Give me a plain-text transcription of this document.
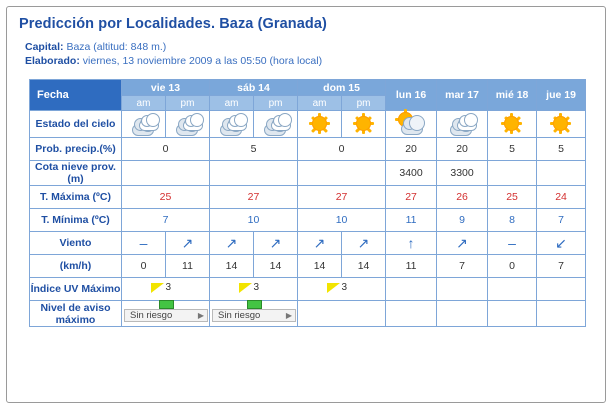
Predicción por Localidades. Baza (Granada)
Capital: Baza (altitud: 848 m.)
Elaborado: viernes, 13 noviembre 2009 a las 05:50 (hora local)
Fecha	vie 13		sáb 14		dom 15		lun 16	mar 17	mié 18	jue 19
	am	pm	am	pm	am	pm				
Estado del cielo	

Prob. precip.(%)	0		5		0		20	20	5	5
Cota nieve prov.(m)							3400	3300		
T. Máxima (ºC)	25		27		27		27	26	25	24
T. Mínima (ºC)	7		10		10		11	9	8	7
Viento	–	↗	↗	↗	↗	↗	↑	↗	–	↙
(km/h)	0	11	14	14	14	14	11	7	0	7
Índice UV Máximo	3		3		3					

Nivel de aviso máximo	Sin riesgo ▶		Sin riesgo ▶							
